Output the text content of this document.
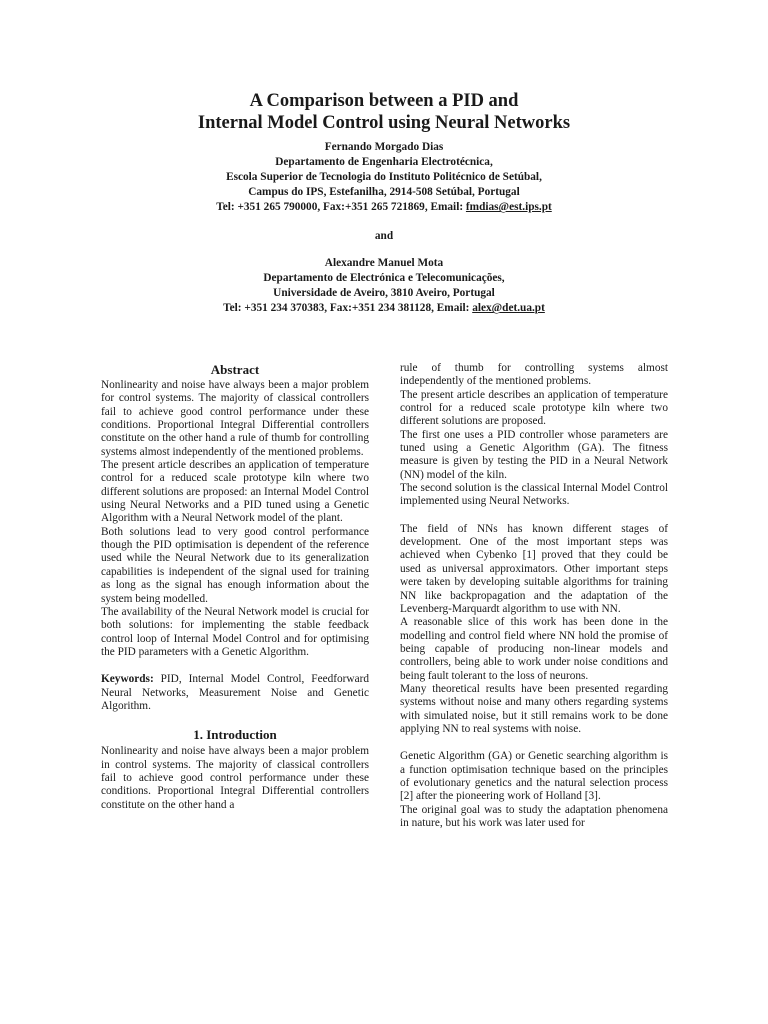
A Comparison between a PID and
Internal Model Control using Neural Networks
Fernando Morgado Dias
Departamento de Engenharia Electrotécnica,
Escola Superior de Tecnologia do Instituto Politécnico de Setúbal,
Campus do IPS, Estefanilha, 2914-508 Setúbal, Portugal
Tel: +351 265 790000, Fax:+351 265 721869, Email: fmdias@est.ips.pt
and
Alexandre Manuel Mota
Departamento de Electrónica e Telecomunicações,
Universidade de Aveiro, 3810 Aveiro, Portugal
Tel: +351 234 370383, Fax:+351 234 381128, Email: alex@det.ua.pt
Abstract

Nonlinearity and noise have always been a major problem for control systems. The majority of classical controllers fail to achieve good control performance under these conditions. Proportional Integral Differential controllers constitute on the other hand a rule of thumb for controlling systems almost independently of the mentioned problems.

The present article describes an application of temperature control for a reduced scale prototype kiln where two different solutions are proposed: an Internal Model Control using Neural Networks and a PID tuned using a Genetic Algorithm with a Neural Network model of the plant.

Both solutions lead to very good control performance though the PID optimisation is dependent of the reference used while the Neural Network due to its generalization capabilities is independent of the signal used for training as long as the signal has enough information about the system being modelled.

The availability of the Neural Network model is crucial for both solutions: for implementing the stable feedback control loop of Internal Model Control and for optimising the PID parameters with a Genetic Algorithm.

Keywords: PID, Internal Model Control, Feedforward Neural Networks, Measurement Noise and Genetic Algorithm.

1. Introduction

Nonlinearity and noise have always been a major problem in control systems. The majority of classical controllers fail to achieve good control performance under these conditions. Proportional Integral Differential controllers constitute on the other hand a

rule of thumb for controlling systems almost independently of the mentioned problems.

The present article describes an application of temperature control for a reduced scale prototype kiln where two different solutions are proposed.

The first one uses a PID controller whose parameters are tuned using a Genetic Algorithm (GA). The fitness measure is given by testing the PID in a Neural Network (NN) model of the kiln.

The second solution is the classical Internal Model Control implemented using Neural Networks.

The field of NNs has known different stages of development. One of the most important steps was achieved when Cybenko [1] proved that they could be used as universal approximators. Other important steps were taken by developing suitable algorithms for training NN like backpropagation and the adaptation of the Levenberg-Marquardt algorithm to use with NN.

A reasonable slice of this work has been done in the modelling and control field where NN hold the promise of being capable of producing non-linear models and controllers, being able to work under noise conditions and being fault tolerant to the loss of neurons.

Many theoretical results have been presented regarding systems without noise and many others regarding systems with simulated noise, but it still remains work to be done applying NN to real systems with noise.

Genetic Algorithm (GA) or Genetic searching algorithm is a function optimisation technique based on the principles of evolutionary genetics and the natural selection process [2] after the pioneering work of Holland [3].

The original goal was to study the adaptation phenomena in nature, but his work was later used for
